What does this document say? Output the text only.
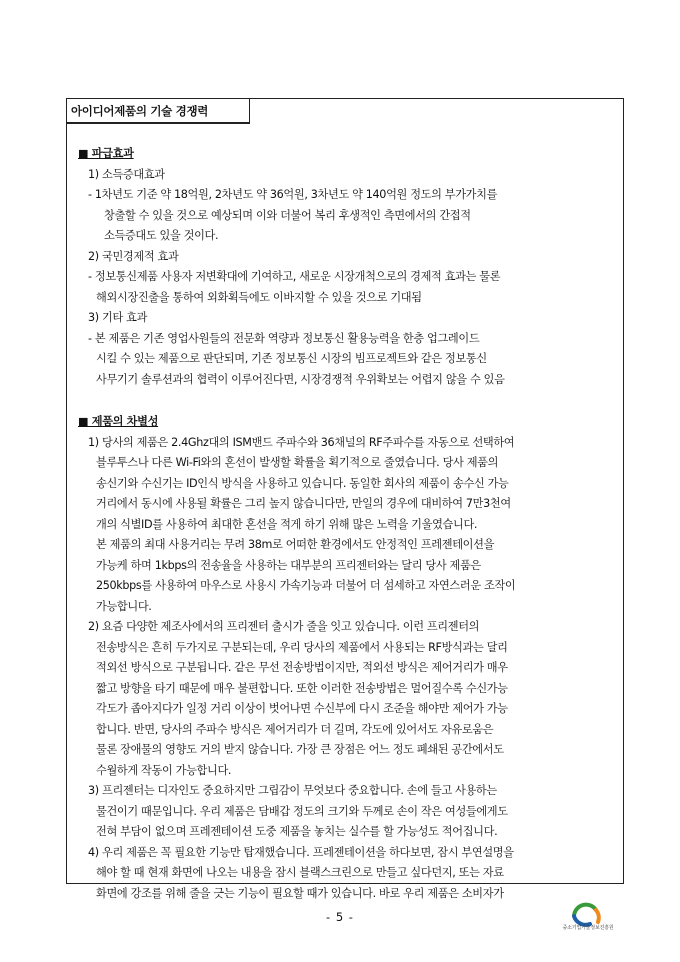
아이디어제품의 기술 경쟁력
■ 파급효과
1) 소득증대효과
- 1차년도 기준 약 18억원, 2차년도 약 36억원, 3차년도 약 140억원 정도의 부가가치를
창출할 수 있을 것으로 예상되며 이와 더불어 복리 후생적인 측면에서의 간접적
소득증대도 있을 것이다.
2) 국민경제적 효과
- 정보통신제품 사용자 저변확대에 기여하고, 새로운 시장개척으로의 경제적 효과는 물론
해외시장진출을 통하여 외화획득에도 이바지할 수 있을 것으로 기대됨
3) 기타 효과
- 본 제품은 기존 영업사원들의 전문화 역량과 정보통신 활용능력을 한층 업그레이드
시킬 수 있는 제품으로 판단되며, 기존 정보통신 시장의 빔프로젝트와 같은 정보통신
사무기기 솔루션과의 협력이 이루어진다면, 시장경쟁적 우위확보는 어렵지 않을 수 있음
■ 제품의 차별성
1) 당사의 제품은 2.4Ghz대의 ISM밴드 주파수와 36채널의 RF주파수를 자동으로 선택하여
블루투스나 다른 Wi-Fi와의 혼선이 발생할 확률을 획기적으로 줄였습니다. 당사 제품의
송신기와 수신기는 ID인식 방식을 사용하고 있습니다. 동일한 회사의 제품이 송수신 가능
거리에서 동시에 사용될 확률은 그리 높지 않습니다만, 만일의 경우에 대비하여 7만3천여
개의 식별ID를 사용하여 최대한 혼선을 적게 하기 위해 많은 노력을 기울였습니다.
본 제품의 최대 사용거리는 무려 38m로 어떠한 환경에서도 안정적인 프레젠테이션을
가능케 하며 1kbps의 전송율을 사용하는 대부분의 프리젠터와는 달리 당사 제품은
250kbps를 사용하여 마우스로 사용시 가속기능과 더불어 더 섬세하고 자연스러운 조작이
가능합니다.
2) 요즘 다양한 제조사에서의 프리젠터 출시가 줄을 잇고 있습니다. 이런 프리젠터의
전송방식은 흔히 두가지로 구분되는데, 우리 당사의 제품에서 사용되는 RF방식과는 달리
적외선 방식으로 구분됩니다. 같은 무선 전송방법이지만, 적외선 방식은 제어거리가 매우
짧고 방향을 타기 때문에 매우 불편합니다. 또한 이러한 전송방법은 멀어질수록 수신가능
각도가 좁아지다가 일정 거리 이상이 벗어나면 수신부에 다시 조준을 해야만 제어가 가능
합니다. 반면, 당사의 주파수 방식은 제어거리가 더 길며, 각도에 있어서도 자유로움은
물론 장애물의 영향도 거의 받지 않습니다. 가장 큰 장점은 어느 정도 폐쇄된 공간에서도
수월하게 작동이 가능합니다.
3) 프리젠터는 디자인도 중요하지만 그립감이 무엇보다 중요합니다. 손에 들고 사용하는
물건이기 때문입니다. 우리 제품은 담배갑 정도의 크기와 두께로 손이 작은 여성들에게도
전혀 부담이 없으며 프레젠테이션 도중 제품을 놓치는 실수를 할 가능성도 적어집니다.
4) 우리 제품은 꼭 필요한 기능만 탑재했습니다. 프레젠테이션을 하다보면, 잠시 부연설명을
해야 할 때 현재 화면에 나오는 내용을 잠시 블랙스크린으로 만들고 싶다던지, 또는 자료
화면에 강조를 위해 줄을 긋는 기능이 필요할 때가 있습니다. 바로 우리 제품은 소비자가
- 5 -
중소기업기술정보진흥원
